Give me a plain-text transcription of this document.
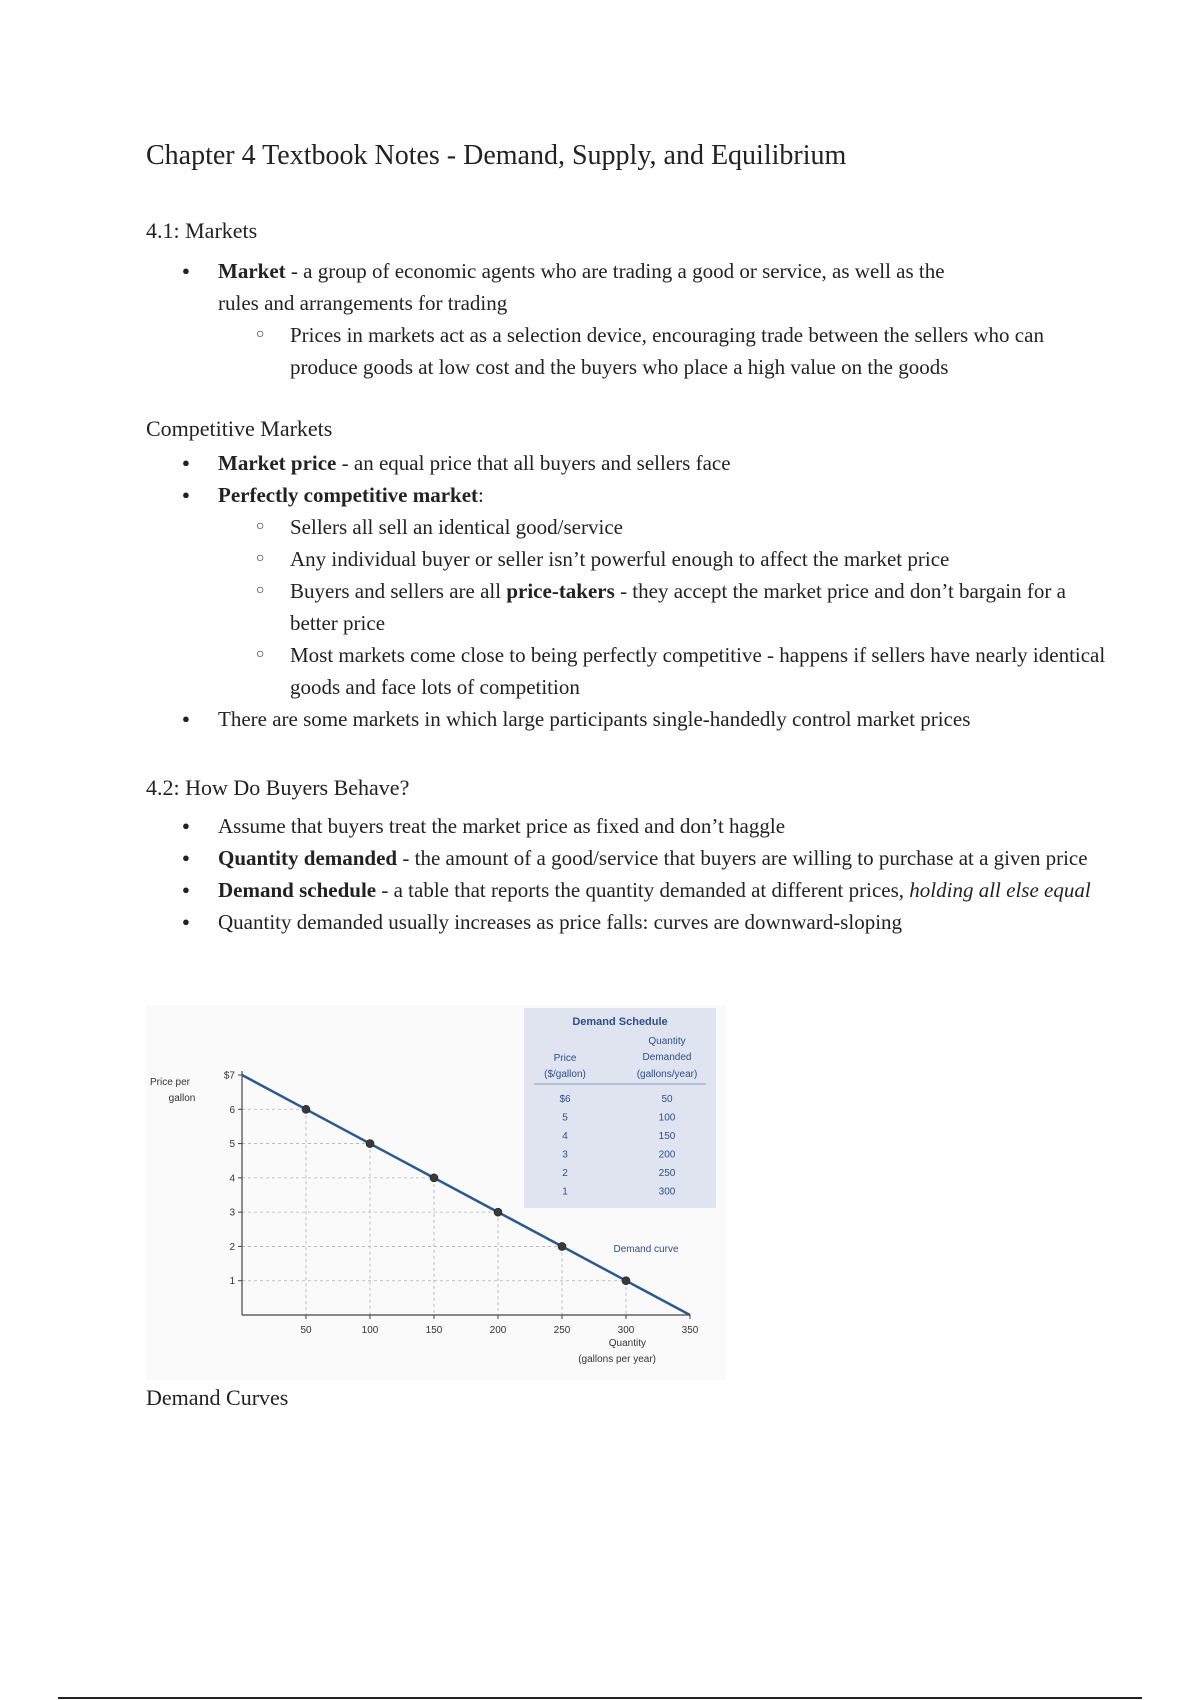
Chapter 4 Textbook Notes - Demand, Supply, and Equilibrium
4.1: Markets
● Market - a group of economic agents who are trading a good or service, as well as the
rules and arrangements for trading
○ Prices in markets act as a selection device, encouraging trade between the sellers who can produce goods at low cost and the buyers who place a high value on the goods
Competitive Markets
● Market price - an equal price that all buyers and sellers face
● Perfectly competitive market:
○ Sellers all sell an identical good/service
○ Any individual buyer or seller isn’t powerful enough to affect the market price
○ Buyers and sellers are all price-takers - they accept the market price and don’t bargain for a better price
○ Most markets come close to being perfectly competitive - happens if sellers have nearly identical goods and face lots of competition
● There are some markets in which large participants single-handedly control market prices
4.2: How Do Buyers Behave?
● Assume that buyers treat the market price as fixed and don’t haggle
● Quantity demanded - the amount of a good/service that buyers are willing to purchase at a given price
● Demand schedule - a table that reports the quantity demanded at different prices, holding all else equal
● Quantity demanded usually increases as price falls: curves are downward-sloping
Demand Schedule
Price
($/gallon)
Quantity
Demanded
(gallons/year)
$6	50
5	100
4	150
3	200
2	250
1	300
50	100	150	200	250	300	350
$7
6
5
4
3
2
1
Price per
gallon
Quantity
(gallons per year)
Demand curve
Demand Curves
